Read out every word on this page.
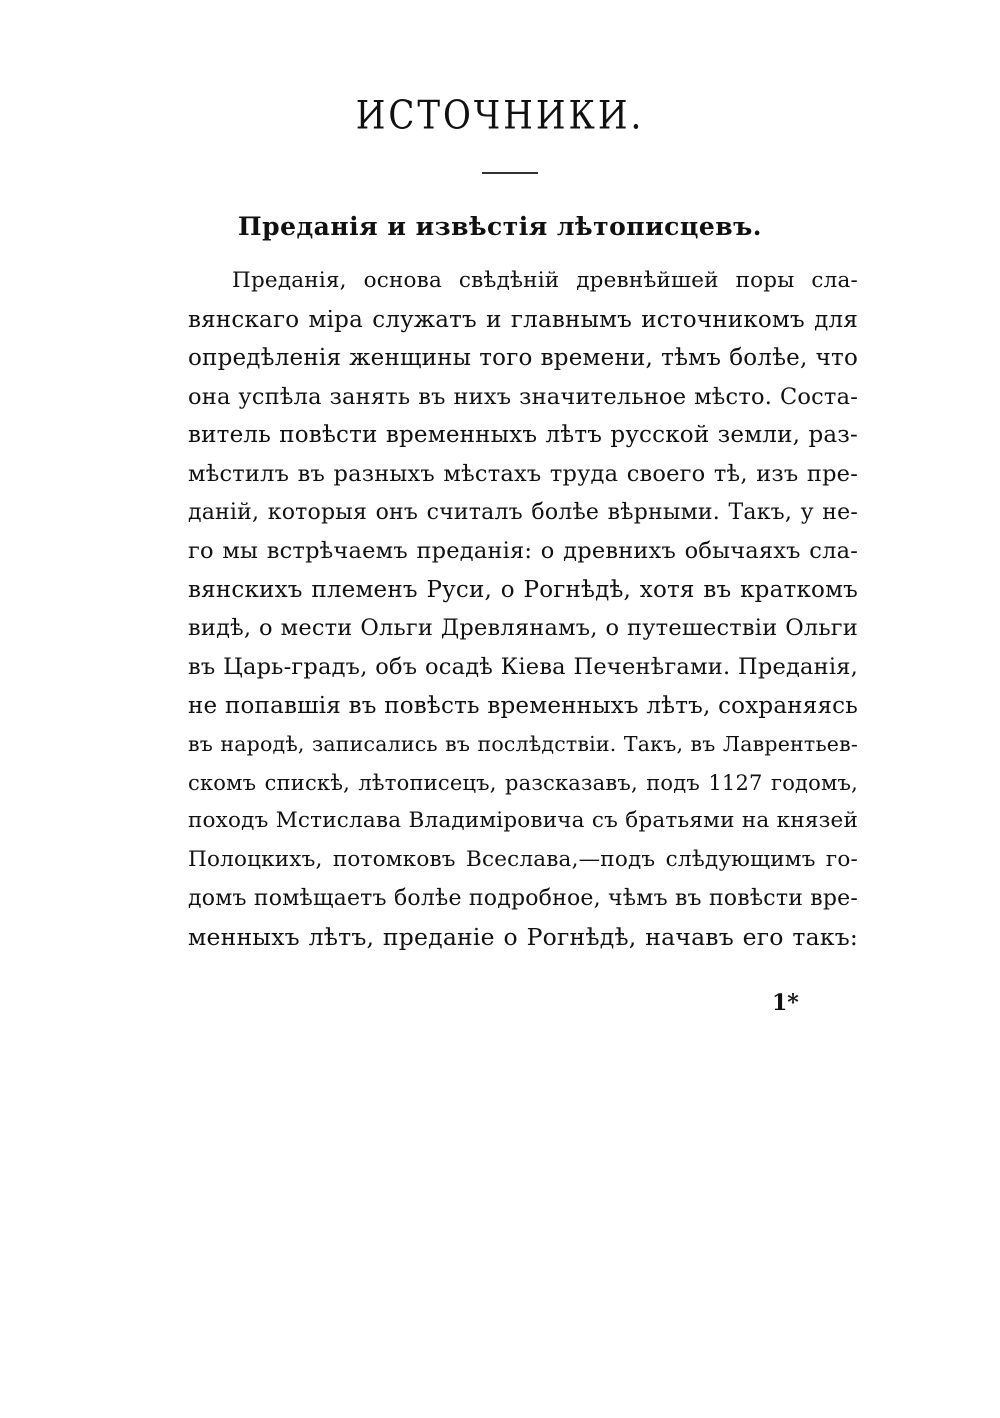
ИСТОЧНИКИ.
Преданія и извѣстія лѣтописцевъ.
Преданія, основа свѣдѣній древнѣйшей поры сла-
вянскаго міра служатъ и главнымъ источникомъ для
опредѣленія женщины того времени, тѣмъ болѣе, что
она успѣла занять въ нихъ значительное мѣсто. Соста-
витель повѣсти временныхъ лѣтъ русской земли, раз-
мѣстилъ въ разныхъ мѣстахъ труда своего тѣ, изъ пре-
даній, которыя онъ считалъ болѣе вѣрными. Такъ, у не-
го мы встрѣчаемъ преданія: о древнихъ обычаяхъ сла-
вянскихъ племенъ Руси, о Рогнѣдѣ, хотя въ краткомъ
видѣ, о мести Ольги Древлянамъ, о путешествіи Ольги
въ Царь-градъ, объ осадѣ Кіева Печенѣгами. Преданія,
не попавшія въ повѣсть временныхъ лѣтъ, сохраняясь
въ народѣ, записались въ послѣдствіи. Такъ, въ Лаврентьев-
скомъ спискѣ, лѣтописецъ, разсказавъ, подъ 1127 годомъ,
походъ Мстислава Владиміровича съ братьями на князей
Полоцкихъ, потомковъ Всеслава,—подъ слѣдующимъ го-
домъ помѣщаетъ болѣе подробное, чѣмъ въ повѣсти вре-
менныхъ лѣтъ, преданіе о Рогнѣдѣ, начавъ его такъ:
1*
